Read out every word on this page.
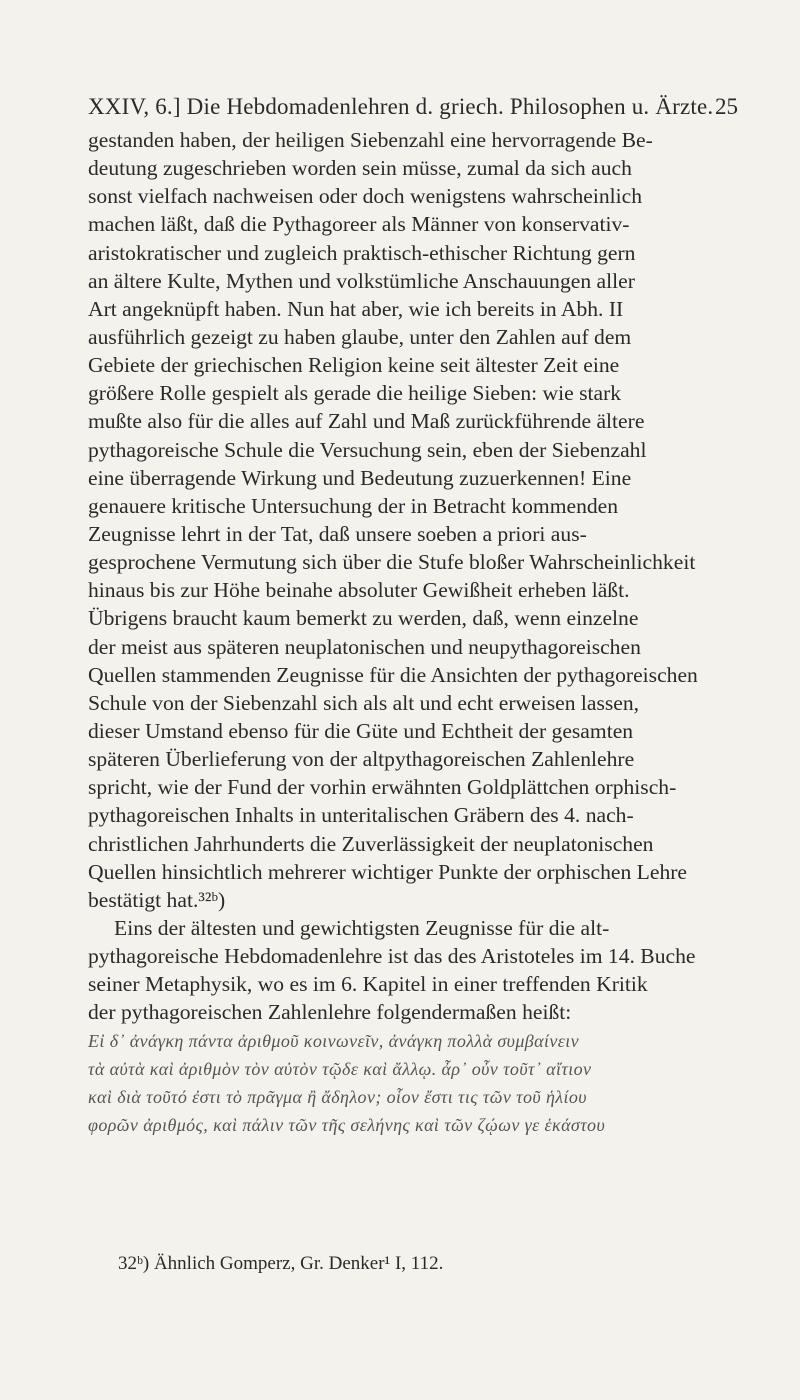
XXIV, 6.] Die Hebdomadenlehren d. griech. Philosophen u. Ärzte. 25
gestanden haben, der heiligen Siebenzahl eine hervorragende Be-
deutung zugeschrieben worden sein müsse, zumal da sich auch
sonst vielfach nachweisen oder doch wenigstens wahrscheinlich
machen läßt, daß die Pythagoreer als Männer von konservativ-
aristokratischer und zugleich praktisch-ethischer Richtung gern
an ältere Kulte, Mythen und volkstümliche Anschauungen aller
Art angeknüpft haben. Nun hat aber, wie ich bereits in Abh. II
ausführlich gezeigt zu haben glaube, unter den Zahlen auf dem
Gebiete der griechischen Religion keine seit ältester Zeit eine
größere Rolle gespielt als gerade die heilige Sieben: wie stark
mußte also für die alles auf Zahl und Maß zurückführende ältere
pythagoreische Schule die Versuchung sein, eben der Siebenzahl
eine überragende Wirkung und Bedeutung zuzuerkennen! Eine
genauere kritische Untersuchung der in Betracht kommenden
Zeugnisse lehrt in der Tat, daß unsere soeben a priori aus-
gesprochene Vermutung sich über die Stufe bloßer Wahrscheinlichkeit
hinaus bis zur Höhe beinahe absoluter Gewißheit erheben läßt.
Übrigens braucht kaum bemerkt zu werden, daß, wenn einzelne
der meist aus späteren neuplatonischen und neupythagoreischen
Quellen stammenden Zeugnisse für die Ansichten der pythagoreischen
Schule von der Siebenzahl sich als alt und echt erweisen lassen,
dieser Umstand ebenso für die Güte und Echtheit der gesamten
späteren Überlieferung von der altpythagoreischen Zahlenlehre
spricht, wie der Fund der vorhin erwähnten Goldplättchen orphisch-
pythagoreischen Inhalts in unteritalischen Gräbern des 4. nach-
christlichen Jahrhunderts die Zuverlässigkeit der neuplatonischen
Quellen hinsichtlich mehrerer wichtiger Punkte der orphischen Lehre
bestätigt hat.³²ᵇ)
Eins der ältesten und gewichtigsten Zeugnisse für die alt-
pythagoreische Hebdomadenlehre ist das des Aristoteles im 14. Buche
seiner Metaphysik, wo es im 6. Kapitel in einer treffenden Kritik
der pythagoreischen Zahlenlehre folgendermaßen heißt:
Εἰ δ᾽ ἀνάγκη πάντα ἀριθμοῦ κοινωνεῖν, ἀνάγκη πολλὰ συμβαίνειν
τὰ αὐτὰ καὶ ἀριθμὸν τὸν αὐτὸν τῷδε καὶ ἄλλῳ. ἆρ᾽ οὖν τοῦτ᾽ αἴτιον
καὶ διὰ τοῦτό ἐστι τὸ πρᾶγμα ἢ ἄδηλον; οἷον ἔστι τις τῶν τοῦ ἡλίου
φορῶν ἀριθμός, καὶ πάλιν τῶν τῆς σελήνης καὶ τῶν ζῴων γε ἑκάστου
32ᵇ) Ähnlich Gomperz, Gr. Denker¹ I, 112.
